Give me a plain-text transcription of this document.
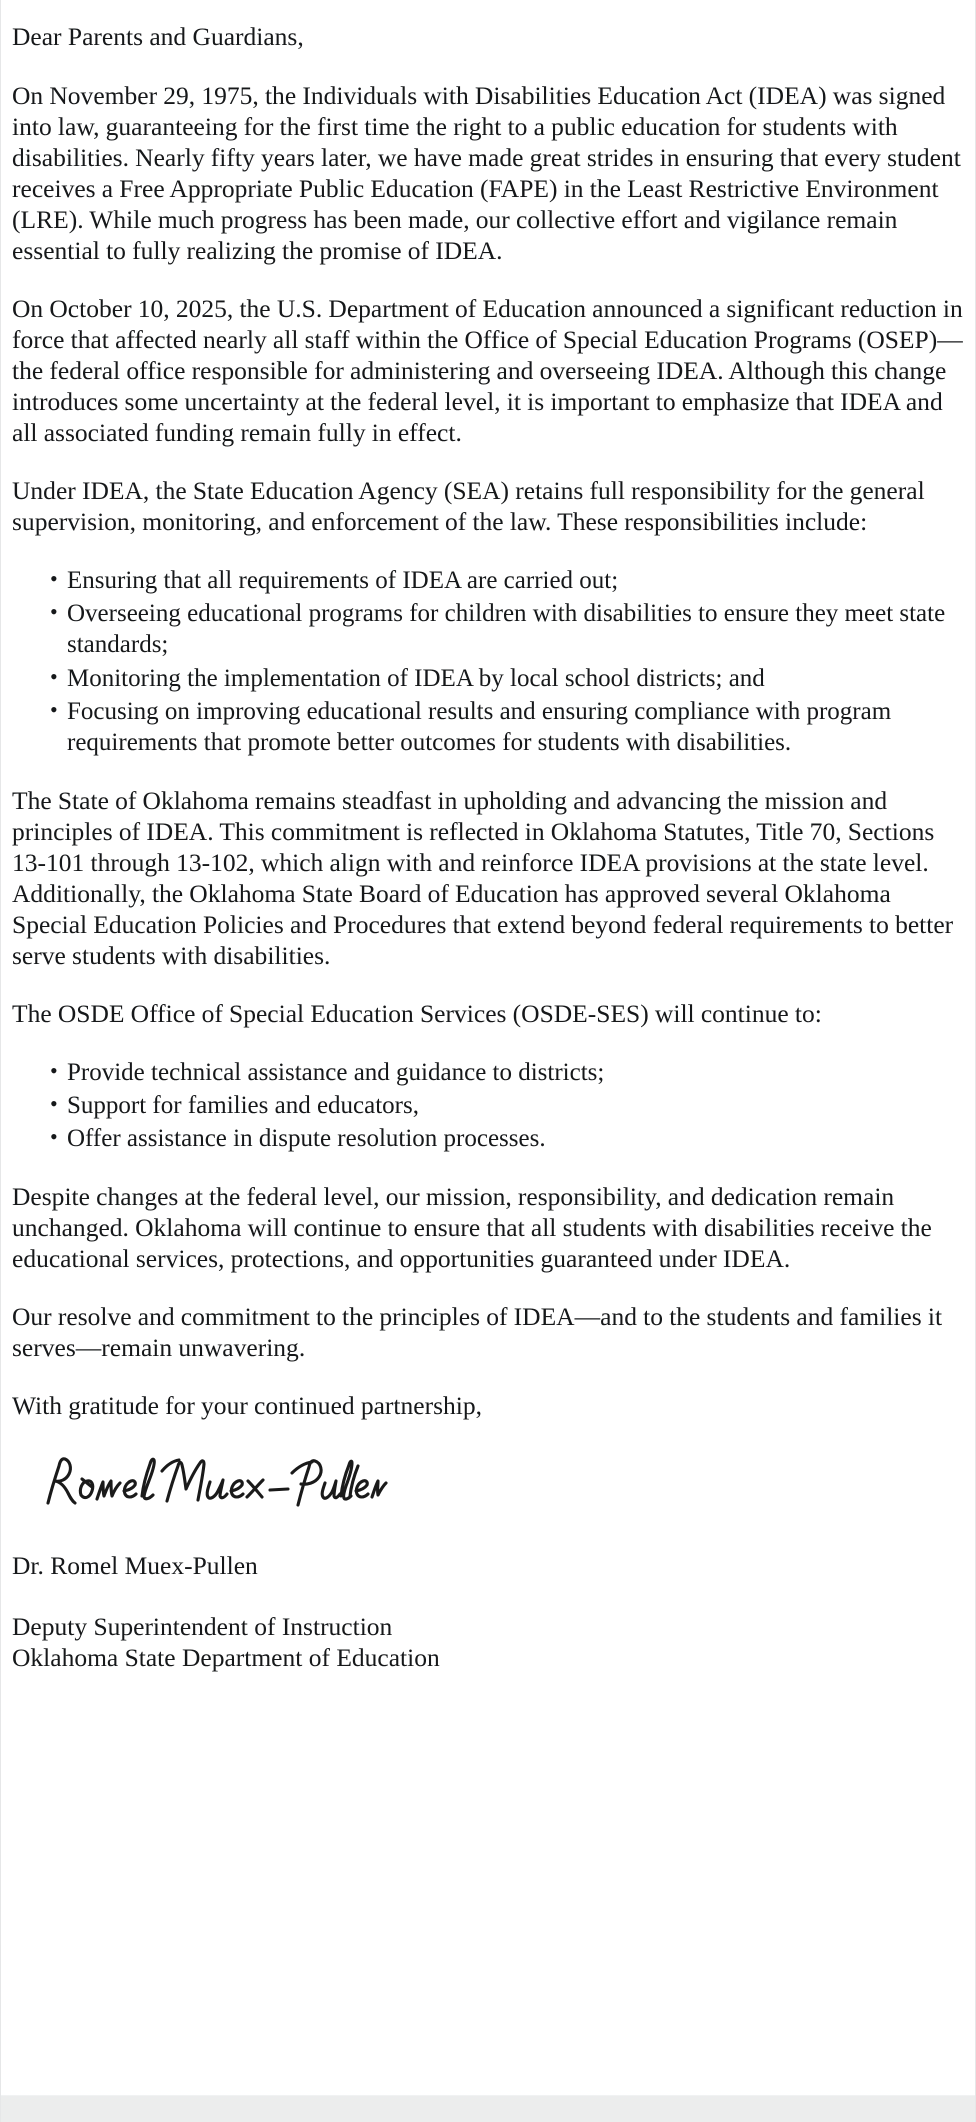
Dear Parents and Guardians,

On November 29, 1975, the Individuals with Disabilities Education Act (IDEA) was signed into law, guaranteeing for the first time the right to a public education for students with disabilities. Nearly fifty years later, we have made great strides in ensuring that every student receives a Free Appropriate Public Education (FAPE) in the Least Restrictive Environment (LRE). While much progress has been made, our collective effort and vigilance remain essential to fully realizing the promise of IDEA.

On October 10, 2025, the U.S. Department of Education announced a significant reduction in force that affected nearly all staff within the Office of Special Education Programs (OSEP)—the federal office responsible for administering and overseeing IDEA. Although this change introduces some uncertainty at the federal level, it is important to emphasize that IDEA and all associated funding remain fully in effect.

Under IDEA, the State Education Agency (SEA) retains full responsibility for the general supervision, monitoring, and enforcement of the law. These responsibilities include:

• Ensuring that all requirements of IDEA are carried out;
• Overseeing educational programs for children with disabilities to ensure they meet state standards;
• Monitoring the implementation of IDEA by local school districts; and
• Focusing on improving educational results and ensuring compliance with program requirements that promote better outcomes for students with disabilities.

The State of Oklahoma remains steadfast in upholding and advancing the mission and principles of IDEA. This commitment is reflected in Oklahoma Statutes, Title 70, Sections 13-101 through 13-102, which align with and reinforce IDEA provisions at the state level. Additionally, the Oklahoma State Board of Education has approved several Oklahoma Special Education Policies and Procedures that extend beyond federal requirements to better serve students with disabilities.

The OSDE Office of Special Education Services (OSDE-SES) will continue to:

• Provide technical assistance and guidance to districts;
• Support for families and educators,
• Offer assistance in dispute resolution processes.

Despite changes at the federal level, our mission, responsibility, and dedication remain unchanged. Oklahoma will continue to ensure that all students with disabilities receive the educational services, protections, and opportunities guaranteed under IDEA.

Our resolve and commitment to the principles of IDEA—and to the students and families it serves—remain unwavering.

With gratitude for your continued partnership,

Dr. Romel Muex-Pullen

Deputy Superintendent of Instruction
Oklahoma State Department of Education
